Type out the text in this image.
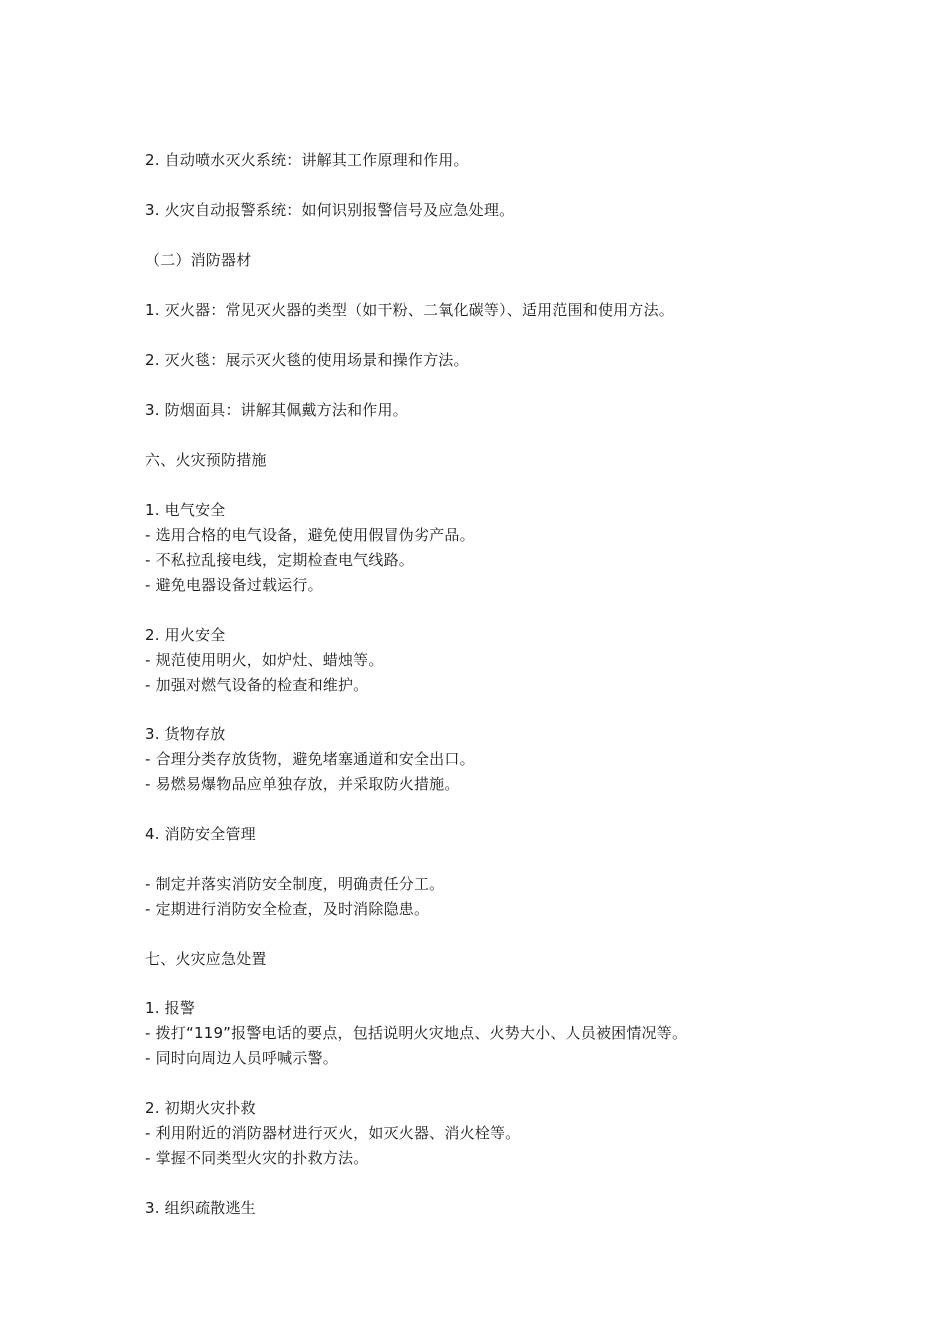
2. 自动喷水灭火系统：讲解其工作原理和作用。
3. 火灾自动报警系统：如何识别报警信号及应急处理。
（二）消防器材
1. 灭火器：常见灭火器的类型（如干粉、二氧化碳等）、适用范围和使用方法。
2. 灭火毯：展示灭火毯的使用场景和操作方法。
3. 防烟面具：讲解其佩戴方法和作用。
六、火灾预防措施
1. 电气安全
- 选用合格的电气设备，避免使用假冒伪劣产品。
- 不私拉乱接电线，定期检查电气线路。
- 避免电器设备过载运行。
2. 用火安全
- 规范使用明火，如炉灶、蜡烛等。
- 加强对燃气设备的检查和维护。
3. 货物存放
- 合理分类存放货物，避免堵塞通道和安全出口。
- 易燃易爆物品应单独存放，并采取防火措施。
4. 消防安全管理
- 制定并落实消防安全制度，明确责任分工。
- 定期进行消防安全检查，及时消除隐患。
七、火灾应急处置
1. 报警
- 拨打“119”报警电话的要点，包括说明火灾地点、火势大小、人员被困情况等。
- 同时向周边人员呼喊示警。
2. 初期火灾扑救
- 利用附近的消防器材进行灭火，如灭火器、消火栓等。
- 掌握不同类型火灾的扑救方法。
3. 组织疏散逃生
